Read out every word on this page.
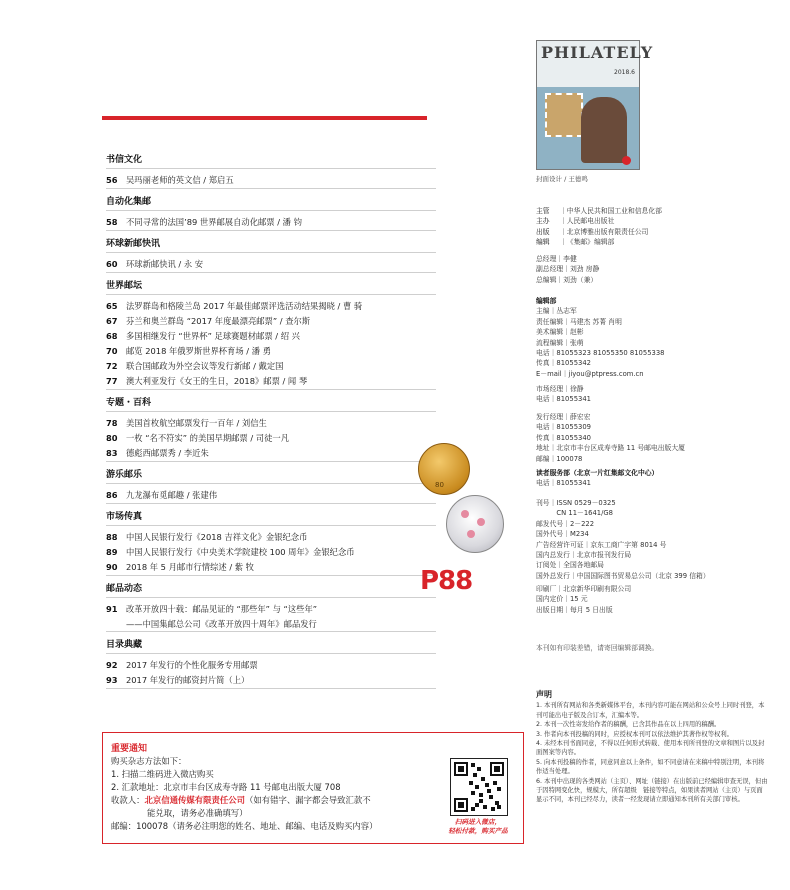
书信文化
56	吴玛丽老师的英文信 / 郑启五
自动化集邮
58	不同寻常的法国’89 世界邮展自动化邮票 / 潘 钧
环球新邮快讯
60	环球新邮快讯 / 永 安
世界邮坛
65	法罗群岛和格陵兰岛 2017 年最佳邮票评选活动结果揭晓 / 曹 骑
67	芬兰和奥兰群岛 “2017 年度最漂亮邮票” / 查尔斯
68	多国相继发行 “世界杯” 足球赛题材邮票 / 绍 兴
70	邮览 2018 年俄罗斯世界杯育场 / 潘 勇
72	联合国邮政为外空会议等发行新邮 / 戴定国
77	澳大利亚发行《女王的生日，2018》邮票 / 闻 琴
专题・百科
78	美国首枚航空邮票发行一百年 / 刘信生
80	一枚 “名不符实” 的美国早期邮票 / 司徒一凡
83	德彪西邮票秀 / 李近朱
游乐邮乐
86	九龙瀑布觅邮趣 / 张建伟
市场传真
88	中国人民银行发行《2018 吉祥文化》金银纪念币
89	中国人民银行发行《中央美术学院建校 100 周年》金银纪念币
90	2018 年 5 月邮市行情综述 / 紫 牧
邮品动态
91	改革开放四十载：邮品见证的 “那些年” 与 “这些年”
——中国集邮总公司《改革开放四十周年》邮品发行
目录典藏
92	2017 年发行的个性化服务专用邮票
93	2017 年发行的邮资封片简（上）
PHILATELY
2018.6
封面设计 / 王德鸣
主管 ｜中华人民共和国工业和信息化部
主办 ｜人民邮电出版社
出版 ｜北京博雅出版有限责任公司
编辑 ｜《集邮》编辑部
总经理｜李健
副总经理｜刘劲 房静
总编辑｜刘劲（兼）
编辑部
主编｜丛志军
责任编辑｜马建杰 苏菁 肖明
美术编辑｜赵彬
流程编辑｜张萌
电话｜81055323 81055350 81055338
传真｜81055342
E－mail｜jiyou@ptpress.com.cn
市场经理｜徐静
电话｜81055341
发行经理｜薛宏宏
电话｜81055309
传真｜81055340
地址｜北京市丰台区成寿寺路 11 号邮电出版大厦
邮编｜100078
读者服务部（北京一片红集邮文化中心）
电话｜81055341
刊号｜ISSN 0529－0325
　　　CN 11－1641/G8
邮发代号｜2－222
国外代号｜M234
广告经营许可证｜京东工商广字第 8014 号
国内总发行｜北京市报刊发行局
订阅处｜全国各地邮局
国外总发行｜中国国际图书贸易总公司（北京 399 信箱）
印刷厂｜北京新华印刷有限公司
国内定价｜15 元
出版日期｜每月 5 日出版
本刊如有印装差错，请寄回编辑部调换。
声明
1. 本刊所有网站和各类新媒体平台，本刊内容可能在网站和公众号上同时刊登，本刊可能出电子版及合订本，汇编本等。
2. 本刊一次性寄发给作者的稿酬，已含其作品在以上四用的稿酬。
3. 作者向本刊投稿的同时，应授权本刊可以依法维护其著作权等权利。
4. 未经本刊书面同意，不得以任何形式转载、使用本刊所刊登的文章和图片以及封面图案等内容。
5. 向本刊投稿的作者，同意同意以上条件，如不同意请在来稿中特别注明，本刊将作适当处理。
6. 本刊中出现的各类网站（主页）、网址（链接）在出版前已经编辑审查无误，但由于因特网变化快，规模大，所有超级　链接等特点，如果读者网站（主页）与页面显示不同，本刊已经尽力，读者一经发现请立即通知本刊所有关部门审核。
80
P88
重要通知
购买杂志方法如下：
1. 扫描二维码进入微店购买
2. 汇款地址：北京市丰台区成寿寺路 11 号邮电出版大厦 708
收款人：北京信通传媒有限责任公司（如有错字、漏字都会导致汇款不
能兑取，请务必准确填写）
邮编：100078（请务必注明您的姓名、地址、邮编、电话及购买内容）	扫码进入微店，
轻松付款，购买产品
